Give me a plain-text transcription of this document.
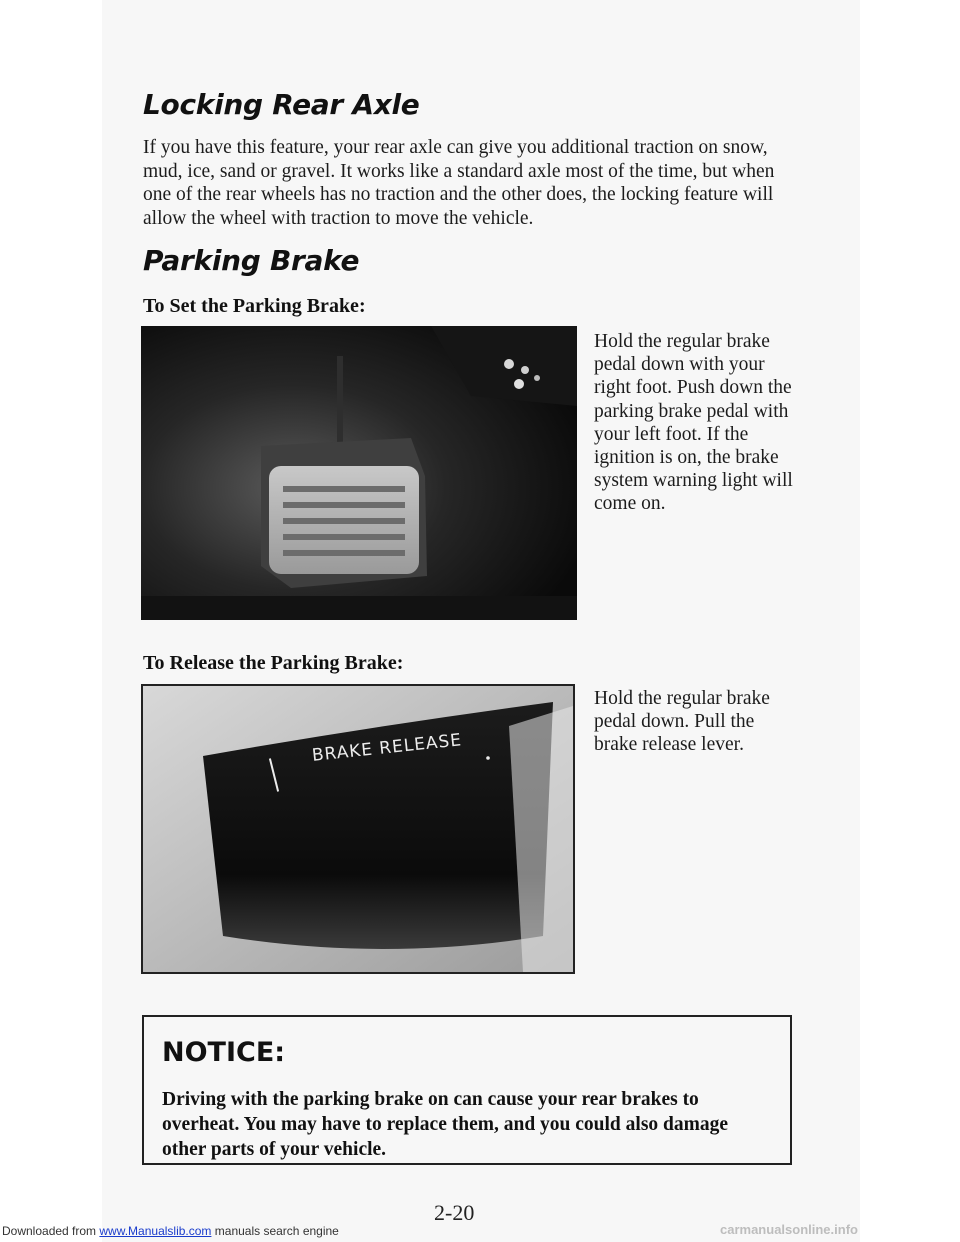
Locking Rear Axle

If you have this feature, your rear axle can give you additional traction on snow, mud, ice, sand or gravel. It works like a standard axle most of the time, but when one of the rear wheels has no traction and the other does, the locking feature will allow the wheel with traction to move the vehicle.

Parking Brake
To Set the Parking Brake:

Hold the regular brake pedal down with your right foot. Push down the parking brake pedal with your left foot. If the ignition is on, the brake system warning light will come on.

To Release the Parking Brake:
BRAKE RELEASE

Hold the regular brake pedal down. Pull the brake release lever.

NOTICE:

Driving with the parking brake on can cause your rear brakes to overheat. You may have to replace them, and you could also damage other parts of your vehicle.

2-20

Downloaded from www.Manualslib.com manuals search engine	carmanualsonline.info
